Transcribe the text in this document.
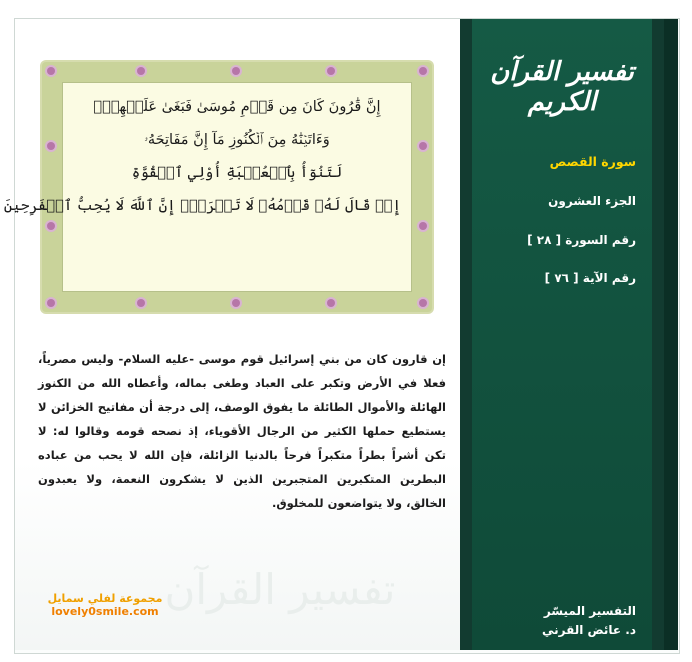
إِنَّ قَٰرُونَ كَانَ مِن قَوۡمِ مُوسَىٰ فَبَغَىٰ عَلَيۡهِمۡۖ
وَءَاتَيۡنَٰهُ مِنَ ٱلۡكُنُوزِ مَآ إِنَّ مَفَاتِحَهُۥ
لَتَنُوٓأُ بِٱلۡعُصۡبَةِ أُوْلِي ٱلۡقُوَّةِ
إِذۡ قَالَ لَهُۥ قَوۡمُهُۥ لَا تَفۡرَحۡۖ إِنَّ ٱللَّهَ لَا يُحِبُّ ٱلۡفَرِحِينَ
إن قارون كان من بني إسرائيل قوم موسى -عليه السلام- وليس مصرياً، فعلا في الأرض وتكبر على العباد وطغى بماله، وأعطاه الله من الكنوز الهائلة والأموال الطائلة ما يفوق الوصف، إلى درجة أن مفاتيح الخزائن لا يستطيع حملها الكثير من الرجال الأقوياء، إذ نصحه قومه وقالوا له: لا تكن أشراً بطراً متكبراً فرحاً بالدنيا الزائلة، فإن الله لا يحب من عباده البطرين المتكبرين المتجبرين الذين لا يشكرون النعمة، ولا يعبدون الخالق، ولا يتواضعون للمخلوق.
تفسير القرآن
مجموعة لفلي سمايل
lovely0smile.com
تفسير القرآن الكريم
سورة القصص
الجزء العشرون
رقم السورة [ ٢٨ ]
رقم الآية [ ٧٦ ]
التفسير الميسّر
د. عائض القرني
